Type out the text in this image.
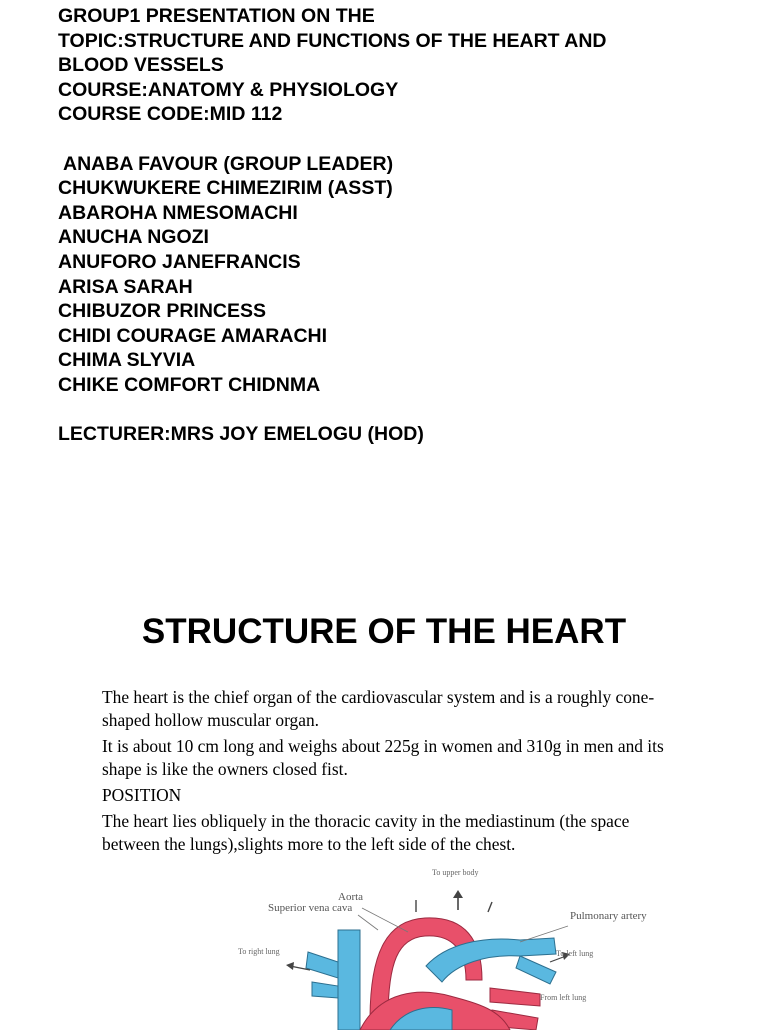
GROUP1 PRESENTATION ON THE
TOPIC:STRUCTURE AND FUNCTIONS OF THE HEART AND
BLOOD VESSELS
COURSE:ANATOMY & PHYSIOLOGY
COURSE CODE:MID 112
ANABA FAVOUR (GROUP LEADER)
CHUKWUKERE CHIMEZIRIM (ASST)
ABAROHA NMESOMACHI
ANUCHA NGOZI
ANUFORO JANEFRANCIS
ARISA SARAH
CHIBUZOR PRINCESS
CHIDI COURAGE AMARACHI
CHIMA SLYVIA
CHIKE COMFORT CHIDNMA
LECTURER:MRS JOY EMELOGU (HOD)
STRUCTURE OF THE HEART

The heart is the chief organ of the cardiovascular system and is a roughly cone-shaped hollow muscular organ.

It is about 10 cm long and weighs about 225g in women and 310g in men and its shape is like the owners closed fist.

POSITION

The heart lies obliquely in the thoracic cavity in the mediastinum (the space between the lungs),slights more to the left side of the chest.

To upper body
Aorta
Superior vena cava
Pulmonary artery
To right lung	To left lung
From left lung
